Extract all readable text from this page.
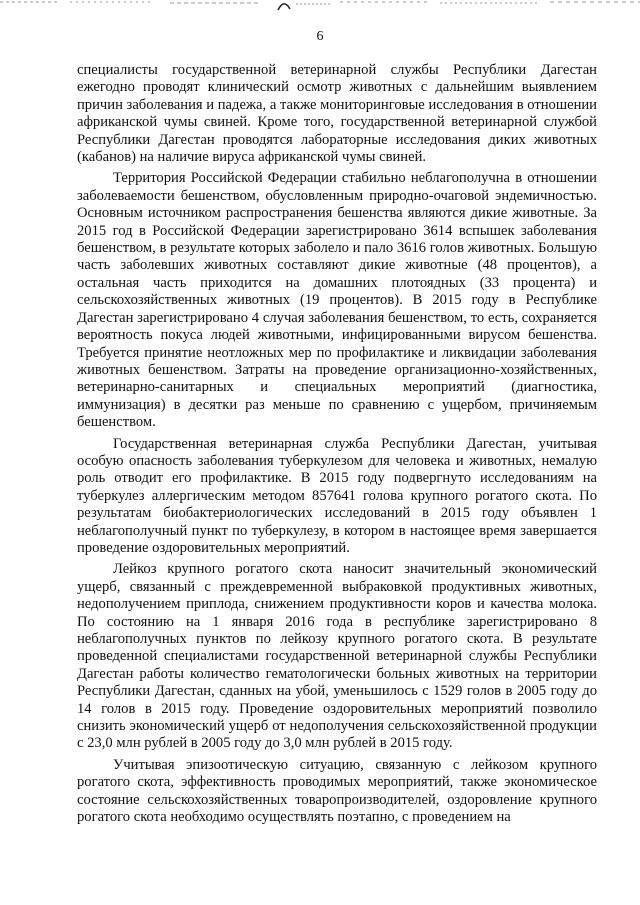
6

специалисты государственной ветеринарной службы Республики Дагестан ежегодно проводят клинический осмотр животных с дальнейшим выявлением причин заболевания и падежа, а также мониторинговые исследования в отношении африканской чумы свиней. Кроме того, государственной ветеринарной службой Республики Дагестан проводятся лабораторные исследования диких животных (кабанов) на наличие вируса африканской чумы свиней.

Территория Российской Федерации стабильно неблагополучна в отношении заболеваемости бешенством, обусловленным природно-очаговой эндемичностью. Основным источником распространения бешенства являются дикие животные. За 2015 год в Российской Федерации зарегистрировано 3614 вспышек заболевания бешенством, в результате которых заболело и пало 3616 голов животных. Большую часть заболевших животных составляют дикие животные (48 процентов), а остальная часть приходится на домашних плотоядных (33 процента) и сельскохозяйственных животных (19 процентов). В 2015 году в Республике Дагестан зарегистрировано 4 случая заболевания бешенством, то есть, сохраняется вероятность покуса людей животными, инфицированными вирусом бешенства. Требуется принятие неотложных мер по профилактике и ликвидации заболевания животных бешенством. Затраты на проведение организационно-хозяйственных, ветеринарно-санитарных и специальных мероприятий (диагностика, иммунизация) в десятки раз меньше по сравнению с ущербом, причиняемым бешенством.

Государственная ветеринарная служба Республики Дагестан, учитывая особую опасность заболевания туберкулезом для человека и животных, немалую роль отводит его профилактике. В 2015 году подвергнуто исследованиям на туберкулез аллергическим методом 857641 голова крупного рогатого скота. По результатам биобактериологических исследований в 2015 году объявлен 1 неблагополучный пункт по туберкулезу, в котором в настоящее время завершается проведение оздоровительных мероприятий.

Лейкоз крупного рогатого скота наносит значительный экономический ущерб, связанный с преждевременной выбраковкой продуктивных животных, недополучением приплода, снижением продуктивности коров и качества молока. По состоянию на 1 января 2016 года в республике зарегистрировано 8 неблагополучных пунктов по лейкозу крупного рогатого скота. В результате проведенной специалистами государственной ветеринарной службы Республики Дагестан работы количество гематологически больных животных на территории Республики Дагестан, сданных на убой, уменьшилось с 1529 голов в 2005 году до 14 голов в 2015 году. Проведение оздоровительных мероприятий позволило снизить экономический ущерб от недополучения сельскохозяйственной продукции с 23,0 млн рублей в 2005 году до 3,0 млн рублей в 2015 году.

Учитывая эпизоотическую ситуацию, связанную с лейкозом крупного рогатого скота, эффективность проводимых мероприятий, также экономическое состояние сельскохозяйственных товаропроизводителей, оздоровление крупного рогатого скота необходимо осуществлять поэтапно, с проведением на
